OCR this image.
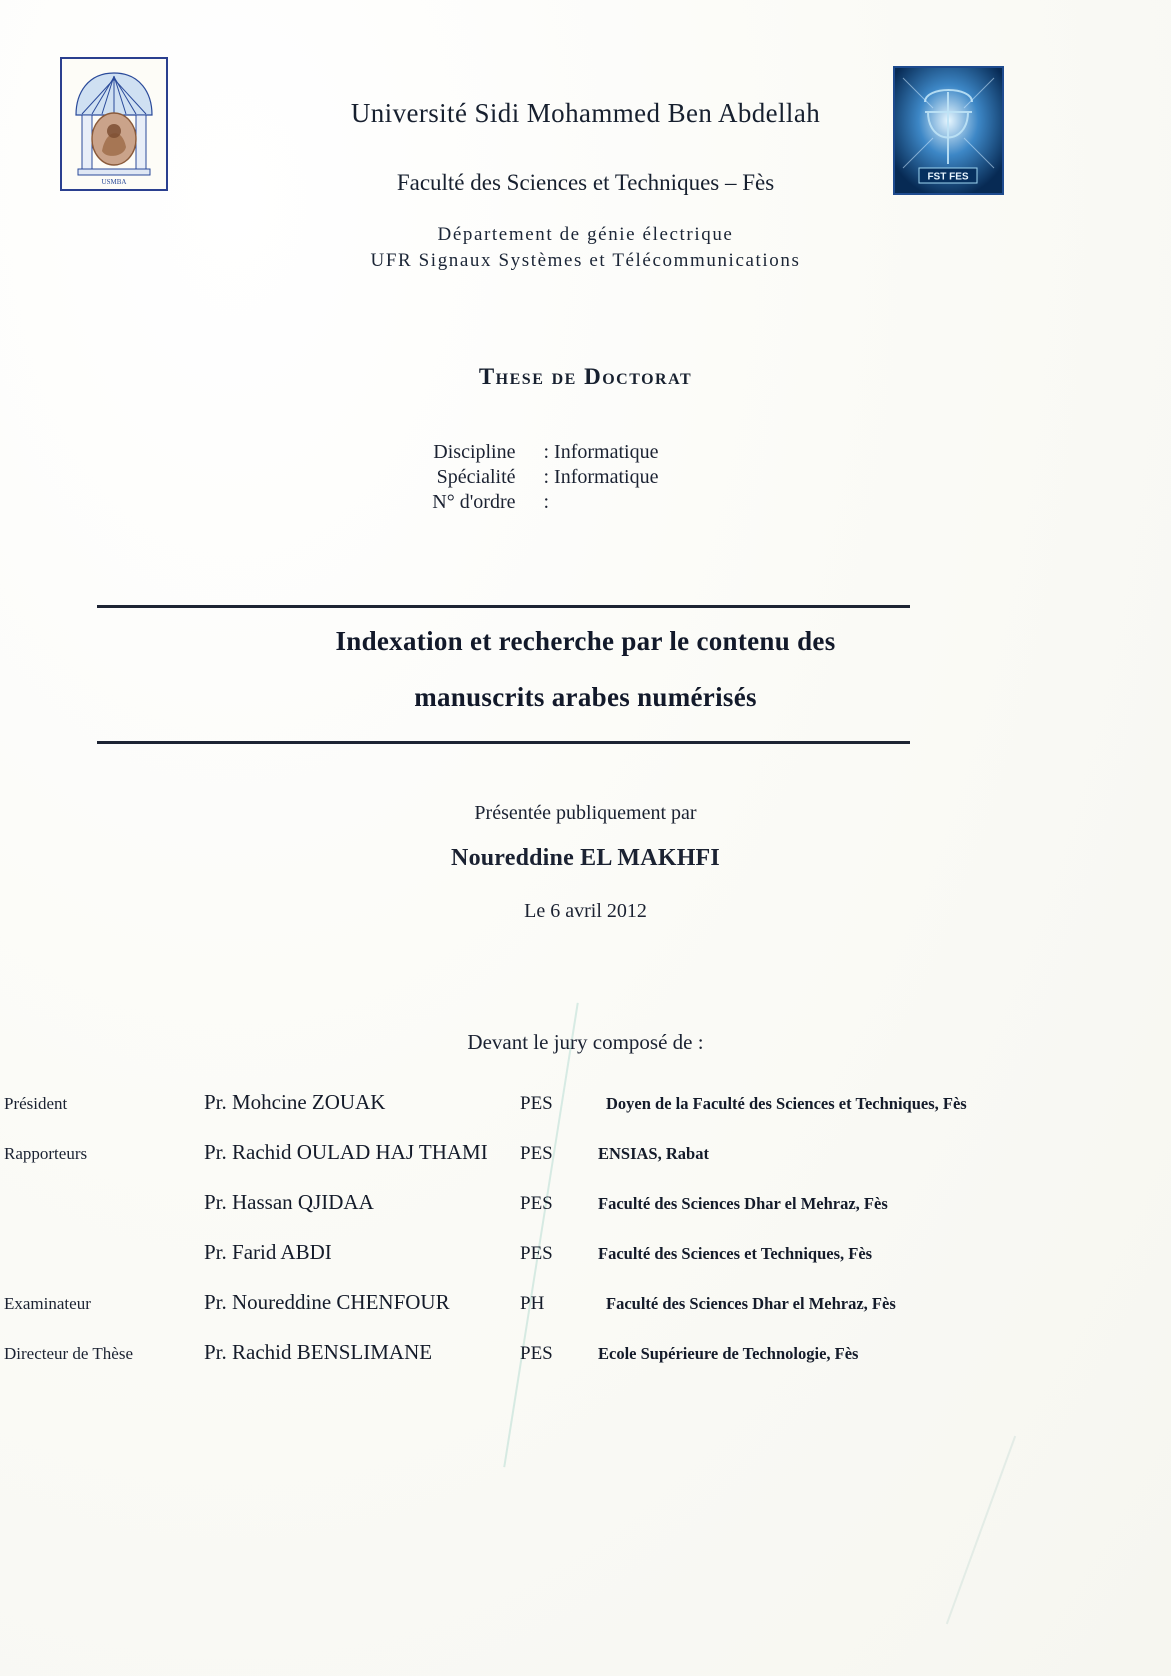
USMBA	FST FES
Université Sidi Mohammed Ben Abdellah
Faculté des Sciences et Techniques – Fès
Département de génie électrique
UFR Signaux Systèmes et Télécommunications
These de Doctorat
Discipline	: Informatique
Spécialité	: Informatique
N° d'ordre	:
Indexation et recherche par le contenu des
manuscrits arabes numérisés
Présentée publiquement par
Noureddine EL MAKHFI
Le 6 avril 2012
Devant le jury composé de :
Président	Pr. Mohcine ZOUAK	PES	Doyen de la Faculté des Sciences et Techniques, Fès
Rapporteurs	Pr. Rachid OULAD HAJ THAMI	PES	ENSIAS, Rabat
Pr. Hassan QJIDAA	PES	Faculté des Sciences Dhar el Mehraz, Fès
Pr. Farid ABDI	PES	Faculté des Sciences et Techniques, Fès
Examinateur	Pr. Noureddine CHENFOUR	PH	Faculté des Sciences Dhar el Mehraz, Fès
Directeur de Thèse	Pr. Rachid BENSLIMANE	PES	Ecole Supérieure de Technologie, Fès
